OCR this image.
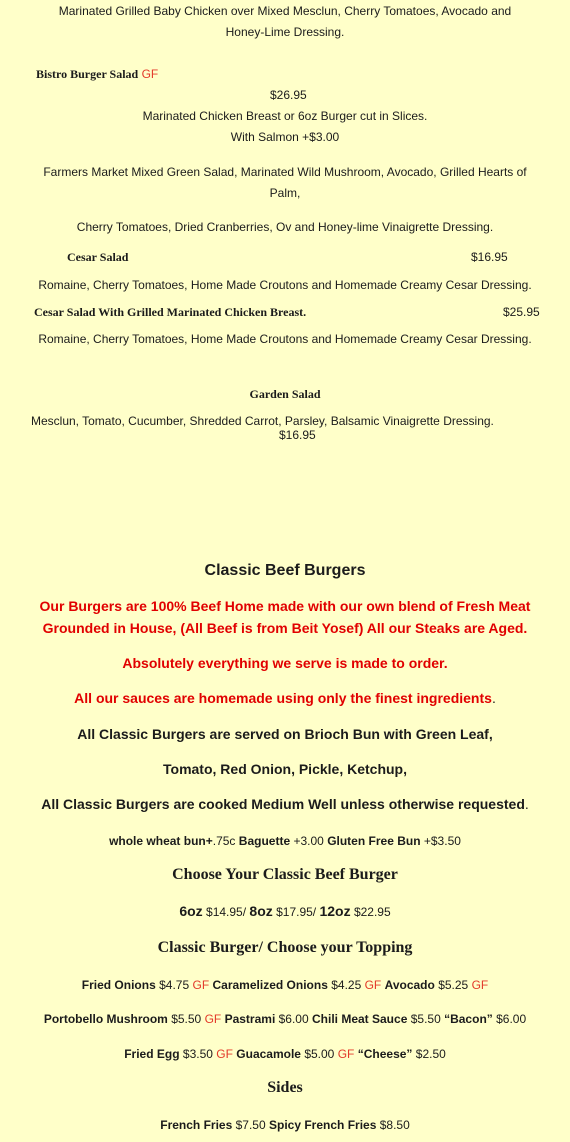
Marinated Grilled Baby Chicken over Mixed Mesclun, Cherry Tomatoes, Avocado and
Honey-Lime Dressing.
Bistro Burger Salad GF
$26.95
Marinated Chicken Breast or 6oz Burger cut in Slices.
With Salmon +$3.00
Farmers Market Mixed Green Salad, Marinated Wild Mushroom, Avocado, Grilled Hearts of
Palm,
Cherry Tomatoes, Dried Cranberries, Ov and Honey-lime Vinaigrette Dressing.
Cesar Salad	$16.95
Romaine, Cherry Tomatoes, Home Made Croutons and Homemade Creamy Cesar Dressing.
Cesar Salad With Grilled Marinated Chicken Breast.	$25.95
Romaine, Cherry Tomatoes, Home Made Croutons and Homemade Creamy Cesar Dressing.
Garden Salad
Mesclun, Tomato, Cucumber, Shredded Carrot, Parsley, Balsamic Vinaigrette Dressing.
$16.95
Classic Beef Burgers
Our Burgers are 100% Beef Home made with our own blend of Fresh Meat
Grounded in House, (All Beef is from Beit Yosef) All our Steaks are Aged.
Absolutely everything we serve is made to order.
All our sauces are homemade using only the finest ingredients.
All Classic Burgers are served on Brioch Bun with Green Leaf,
Tomato, Red Onion, Pickle, Ketchup,
All Classic Burgers are cooked Medium Well unless otherwise requested.
whole wheat bun+.75c Baguette +3.00 Gluten Free Bun +$3.50
Choose Your Classic Beef Burger
6oz $14.95/ 8oz $17.95/ 12oz $22.95
Classic Burger/ Choose your Topping
Fried Onions $4.75 GF Caramelized Onions $4.25 GF Avocado $5.25 GF
Portobello Mushroom $5.50 GF Pastrami $6.00 Chili Meat Sauce $5.50 “Bacon” $6.00
Fried Egg $3.50 GF Guacamole $5.00 GF “Cheese” $2.50
Sides
French Fries $7.50 Spicy French Fries $8.50
